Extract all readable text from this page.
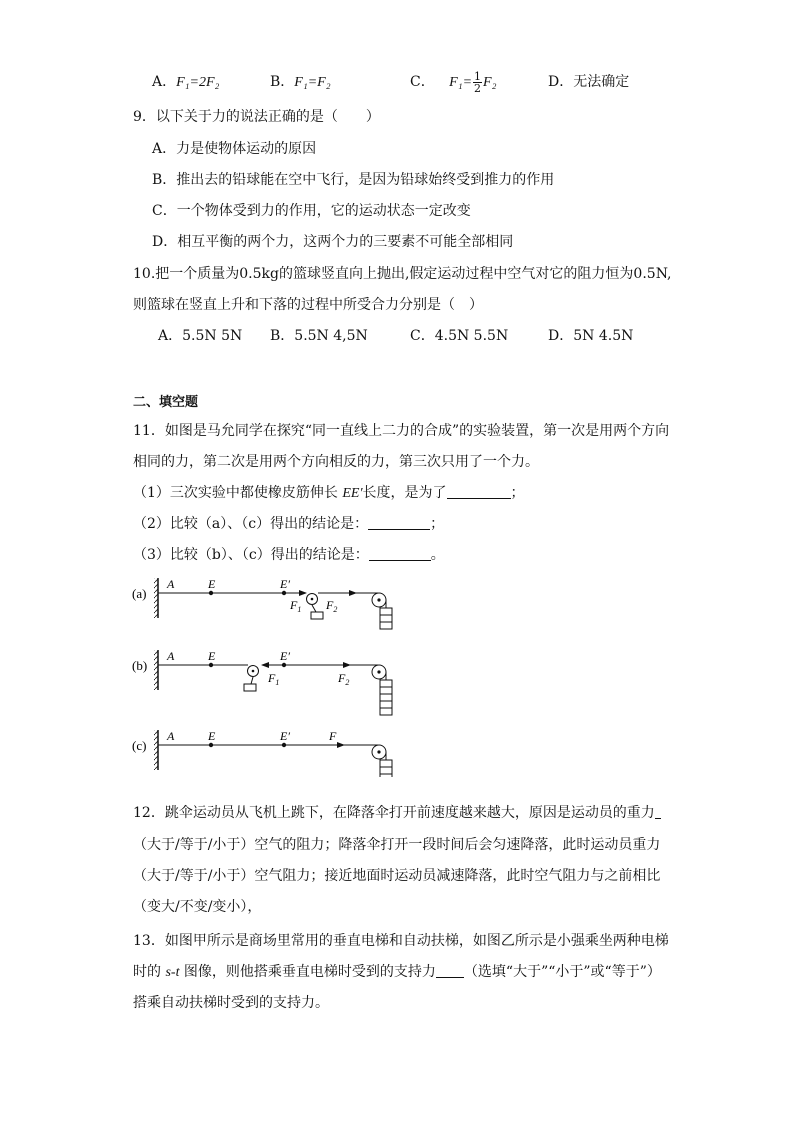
A．F₁=2F₂	B．F₁=F₂	C． $F_1= \frac{1}{2} F_2$	D．无法确定
9．以下关于力的说法正确的是（　　）
A．力是使物体运动的原因
B．推出去的铅球能在空中飞行，是因为铅球始终受到推力的作用
C．一个物体受到力的作用，它的运动状态一定改变
D．相互平衡的两个力，这两个力的三要素不可能全部相同
10.把一个质量为0.5kg的篮球竖直向上抛出,假定运动过程中空气对它的阻力恒为0.5N,
则篮球在竖直上升和下落的过程中所受合力分别是（　）
A．5.5N 5N B．5.5N 4,5N	C．4.5N 5.5N	D．5N 4.5N
二、填空题
11．如图是马允同学在探究“同一直线上二力的合成”的实验装置，第一次是用两个方向
相同的力，第二次是用两个方向相反的力，第三次只用了一个力。
（1）三次实验中都使橡皮筋伸长 EE′长度，是为了	；
（2）比较（a）、（c）得出的结论是：	；
（3）比较（b）、（c）得出的结论是：	。
(a)
A	E	E′
$F_1$ $F_2$
(b)
A	E	E′
$F_1$	$F_2$
(c)
A	E	E′	F
12．跳伞运动员从飞机上跳下，在降落伞打开前速度越来越大，原因是运动员的重力
（大于/等于/小于）空气的阻力；降落伞打开一段时间后会匀速降落，此时运动员重力
（大于/等于/小于）空气阻力；接近地面时运动员减速降落，此时空气阻力与之前相比
（变大/不变/变小），
13．如图甲所示是商场里常用的垂直电梯和自动扶梯，如图乙所示是小强乘坐两种电梯
时的 s-t 图像，则他搭乘垂直电梯时受到的支持力 （选填“大于”“小于”或“等于”）
搭乘自动扶梯时受到的支持力。
